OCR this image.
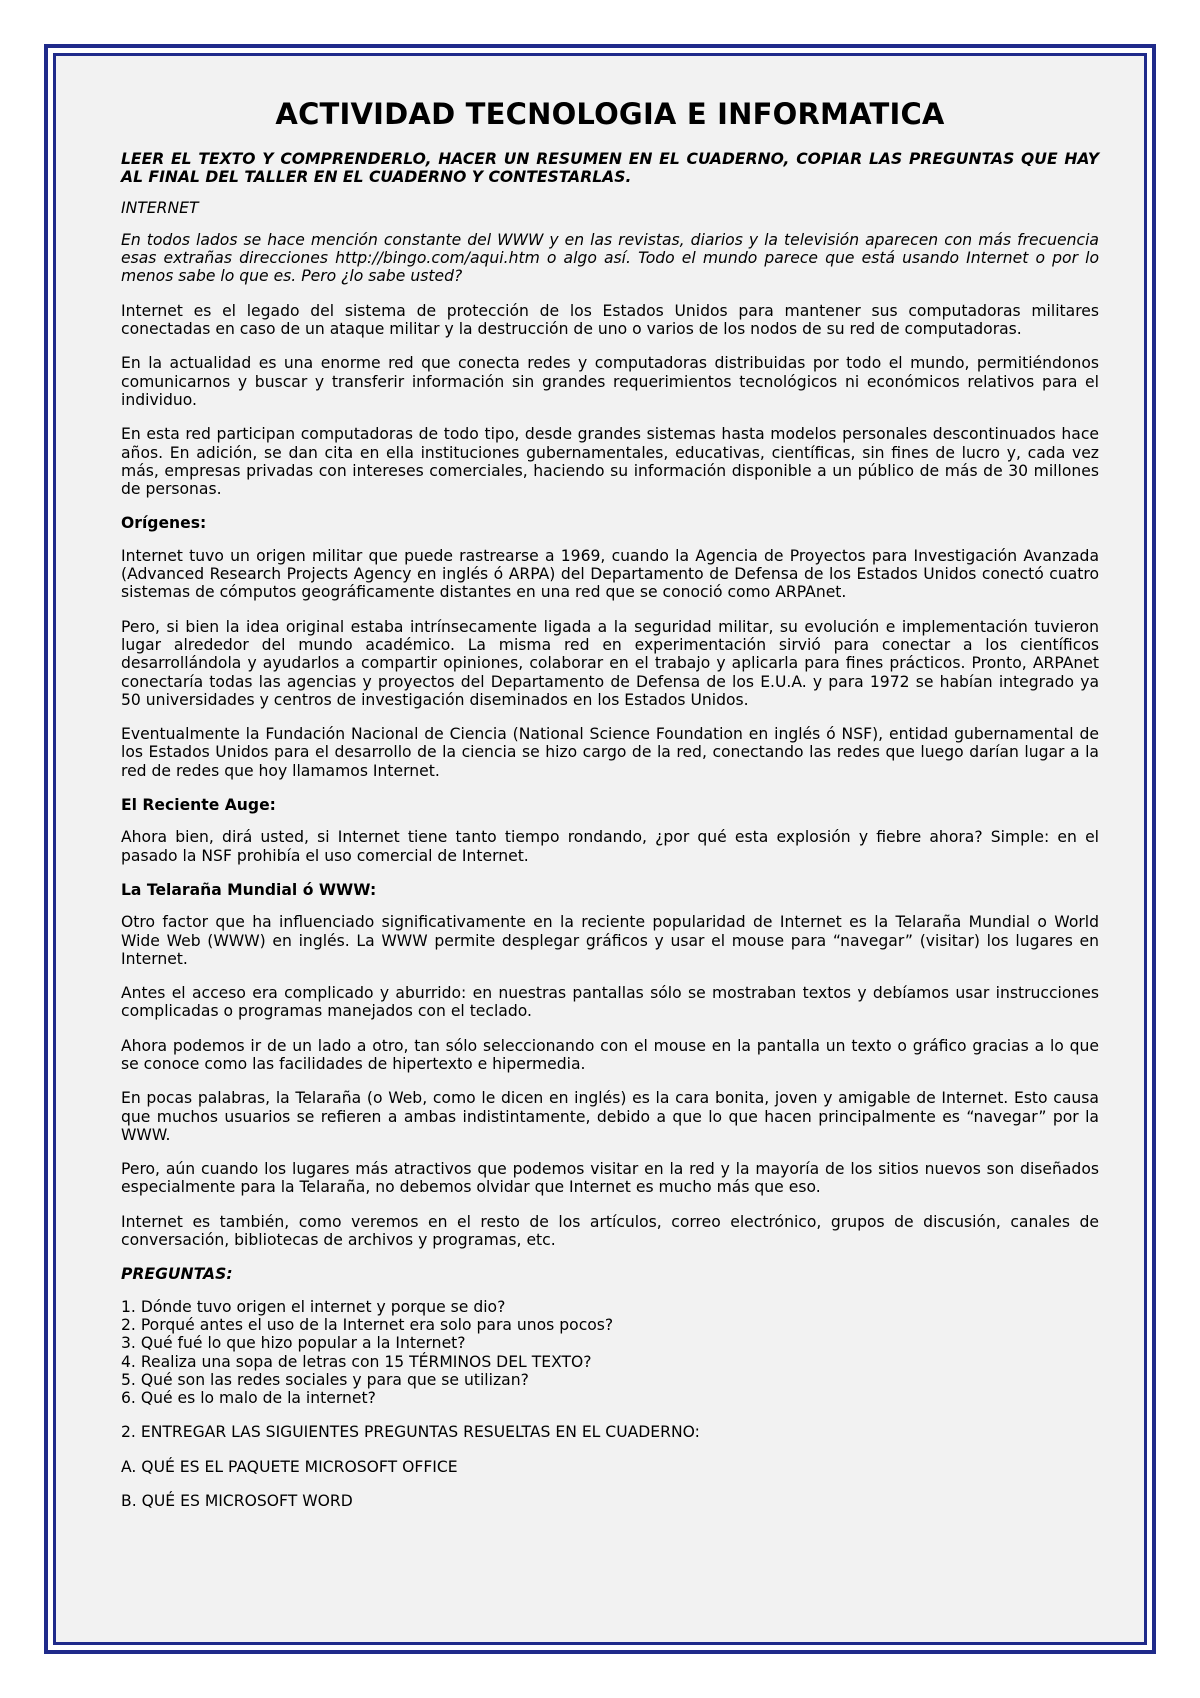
ACTIVIDAD TECNOLOGIA E INFORMATICA

LEER EL TEXTO Y COMPRENDERLO, HACER UN RESUMEN EN EL CUADERNO, COPIAR LAS PREGUNTAS QUE HAY AL FINAL DEL TALLER EN EL CUADERNO Y CONTESTARLAS.

INTERNET

En todos lados se hace mención constante del WWW y en las revistas, diarios y la televisión aparecen con más frecuencia esas extrañas direcciones http://bingo.com/aqui.htm o algo así. Todo el mundo parece que está usando Internet o por lo menos sabe lo que es. Pero ¿lo sabe usted?

Internet es el legado del sistema de protección de los Estados Unidos para mantener sus computadoras militares conectadas en caso de un ataque militar y la destrucción de uno o varios de los nodos de su red de computadoras.

En la actualidad es una enorme red que conecta redes y computadoras distribuidas por todo el mundo, permitiéndonos comunicarnos y buscar y transferir información sin grandes requerimientos tecnológicos ni económicos relativos para el individuo.

En esta red participan computadoras de todo tipo, desde grandes sistemas hasta modelos personales descontinuados hace años. En adición, se dan cita en ella instituciones gubernamentales, educativas, científicas, sin fines de lucro y, cada vez más, empresas privadas con intereses comerciales, haciendo su información disponible a un público de más de 30 millones de personas.

Orígenes:

Internet tuvo un origen militar que puede rastrearse a 1969, cuando la Agencia de Proyectos para Investigación Avanzada (Advanced Research Projects Agency en inglés ó ARPA) del Departamento de Defensa de los Estados Unidos conectó cuatro sistemas de cómputos geográficamente distantes en una red que se conoció como ARPAnet.

Pero, si bien la idea original estaba intrínsecamente ligada a la seguridad militar, su evolución e implementación tuvieron lugar alrededor del mundo académico. La misma red en experimentación sirvió para conectar a los científicos desarrollándola y ayudarlos a compartir opiniones, colaborar en el trabajo y aplicarla para fines prácticos. Pronto, ARPAnet conectaría todas las agencias y proyectos del Departamento de Defensa de los E.U.A. y para 1972 se habían integrado ya 50 universidades y centros de investigación diseminados en los Estados Unidos.

Eventualmente la Fundación Nacional de Ciencia (National Science Foundation en inglés ó NSF), entidad gubernamental de los Estados Unidos para el desarrollo de la ciencia se hizo cargo de la red, conectando las redes que luego darían lugar a la red de redes que hoy llamamos Internet.

El Reciente Auge:

Ahora bien, dirá usted, si Internet tiene tanto tiempo rondando, ¿por qué esta explosión y fiebre ahora? Simple: en el pasado la NSF prohibía el uso comercial de Internet.

La Telaraña Mundial ó WWW:

Otro factor que ha influenciado significativamente en la reciente popularidad de Internet es la Telaraña Mundial o World Wide Web (WWW) en inglés. La WWW permite desplegar gráficos y usar el mouse para “navegar” (visitar) los lugares en Internet.

Antes el acceso era complicado y aburrido: en nuestras pantallas sólo se mostraban textos y debíamos usar instrucciones complicadas o programas manejados con el teclado.

Ahora podemos ir de un lado a otro, tan sólo seleccionando con el mouse en la pantalla un texto o gráfico gracias a lo que se conoce como las facilidades de hipertexto e hipermedia.

En pocas palabras, la Telaraña (o Web, como le dicen en inglés) es la cara bonita, joven y amigable de Internet. Esto causa que muchos usuarios se refieren a ambas indistintamente, debido a que lo que hacen principalmente es “navegar” por la WWW.

Pero, aún cuando los lugares más atractivos que podemos visitar en la red y la mayoría de los sitios nuevos son diseñados especialmente para la Telaraña, no debemos olvidar que Internet es mucho más que eso.

Internet es también, como veremos en el resto de los artículos, correo electrónico, grupos de discusión, canales de conversación, bibliotecas de archivos y programas, etc.

PREGUNTAS:

1. Dónde tuvo origen el internet y porque se dio?
2. Porqué antes el uso de la Internet era solo para unos pocos?
3. Qué fué lo que hizo popular a la Internet?
4. Realiza una sopa de letras con 15 TÉRMINOS DEL TEXTO?
5. Qué son las redes sociales y para que se utilizan?
6. Qué es lo malo de la internet?

2. ENTREGAR LAS SIGUIENTES PREGUNTAS RESUELTAS EN EL CUADERNO:

A. QUÉ ES EL PAQUETE MICROSOFT OFFICE

B. QUÉ ES MICROSOFT WORD
